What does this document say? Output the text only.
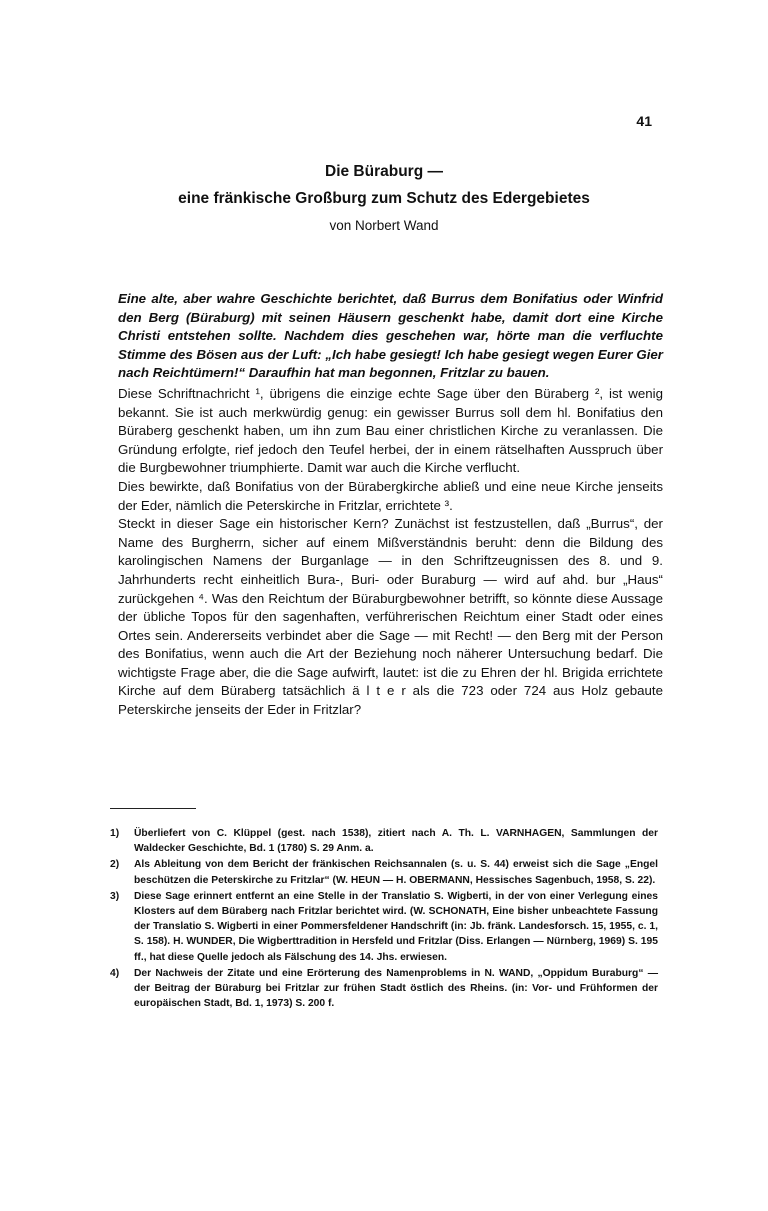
41
Die Büraburg —
eine fränkische Großburg zum Schutz des Edergebietes
von Norbert Wand

Eine alte, aber wahre Geschichte berichtet, daß Burrus dem Bonifatius oder Winfrid den Berg (Büraburg) mit seinen Häusern geschenkt habe, damit dort eine Kirche Christi entstehen sollte. Nachdem dies geschehen war, hörte man die verfluchte Stimme des Bösen aus der Luft: „Ich habe gesiegt! Ich habe gesiegt wegen Eurer Gier nach Reichtümern!“ Daraufhin hat man begonnen, Fritzlar zu bauen.

Diese Schriftnachricht ¹, übrigens die einzige echte Sage über den Büraberg ², ist wenig bekannt. Sie ist auch merkwürdig genug: ein gewisser Burrus soll dem hl. Bonifatius den Büraberg geschenkt haben, um ihn zum Bau einer christlichen Kirche zu veranlassen. Die Gründung erfolgte, rief jedoch den Teufel herbei, der in einem rätselhaften Ausspruch über die Burgbewohner triumphierte. Damit war auch die Kirche verflucht.

Dies bewirkte, daß Bonifatius von der Bürabergkirche abließ und eine neue Kirche jenseits der Eder, nämlich die Peterskirche in Fritzlar, errichtete ³.

Steckt in dieser Sage ein historischer Kern? Zunächst ist festzustellen, daß „Burrus“, der Name des Burgherrn, sicher auf einem Mißverständnis beruht: denn die Bildung des karolingischen Namens der Burganlage — in den Schriftzeugnissen des 8. und 9. Jahrhunderts recht einheitlich Bura-, Buri- oder Buraburg — wird auf ahd. bur „Haus“ zurückgehen ⁴. Was den Reichtum der Büraburgbewohner betrifft, so könnte diese Aussage der übliche Topos für den sagenhaften, verführerischen Reichtum einer Stadt oder eines Ortes sein. Andererseits verbindet aber die Sage — mit Recht! — den Berg mit der Person des Bonifatius, wenn auch die Art der Beziehung noch näherer Untersuchung bedarf. Die wichtigste Frage aber, die die Sage aufwirft, lautet: ist die zu Ehren der hl. Brigida errichtete Kirche auf dem Büraberg tatsächlich ä l t e r als die 723 oder 724 aus Holz gebaute Peterskirche jenseits der Eder in Fritzlar?

1)	Überliefert von C. Klüppel (gest. nach 1538), zitiert nach A. Th. L. VARNHAGEN, Sammlungen der Waldecker Geschichte, Bd. 1 (1780) S. 29 Anm. a.
2)	Als Ableitung von dem Bericht der fränkischen Reichsannalen (s. u. S. 44) erweist sich die Sage „Engel beschützen die Peterskirche zu Fritzlar“ (W. HEUN — H. OBERMANN, Hessisches Sagenbuch, 1958, S. 22).
3)	Diese Sage erinnert entfernt an eine Stelle in der Translatio S. Wigberti, in der von einer Verlegung eines Klosters auf dem Büraberg nach Fritzlar berichtet wird. (W. SCHONATH, Eine bisher unbeachtete Fassung der Translatio S. Wigberti in einer Pommersfeldener Handschrift (in: Jb. fränk. Landesforsch. 15, 1955, c. 1, S. 158). H. WUNDER, Die Wigberttradition in Hersfeld und Fritzlar (Diss. Erlangen — Nürnberg, 1969) S. 195 ff., hat diese Quelle jedoch als Fälschung des 14. Jhs. erwiesen.
4)	Der Nachweis der Zitate und eine Erörterung des Namenproblems in N. WAND, „Oppidum Buraburg“ — der Beitrag der Büraburg bei Fritzlar zur frühen Stadt östlich des Rheins. (in: Vor- und Frühformen der europäischen Stadt, Bd. 1, 1973) S. 200 f.
